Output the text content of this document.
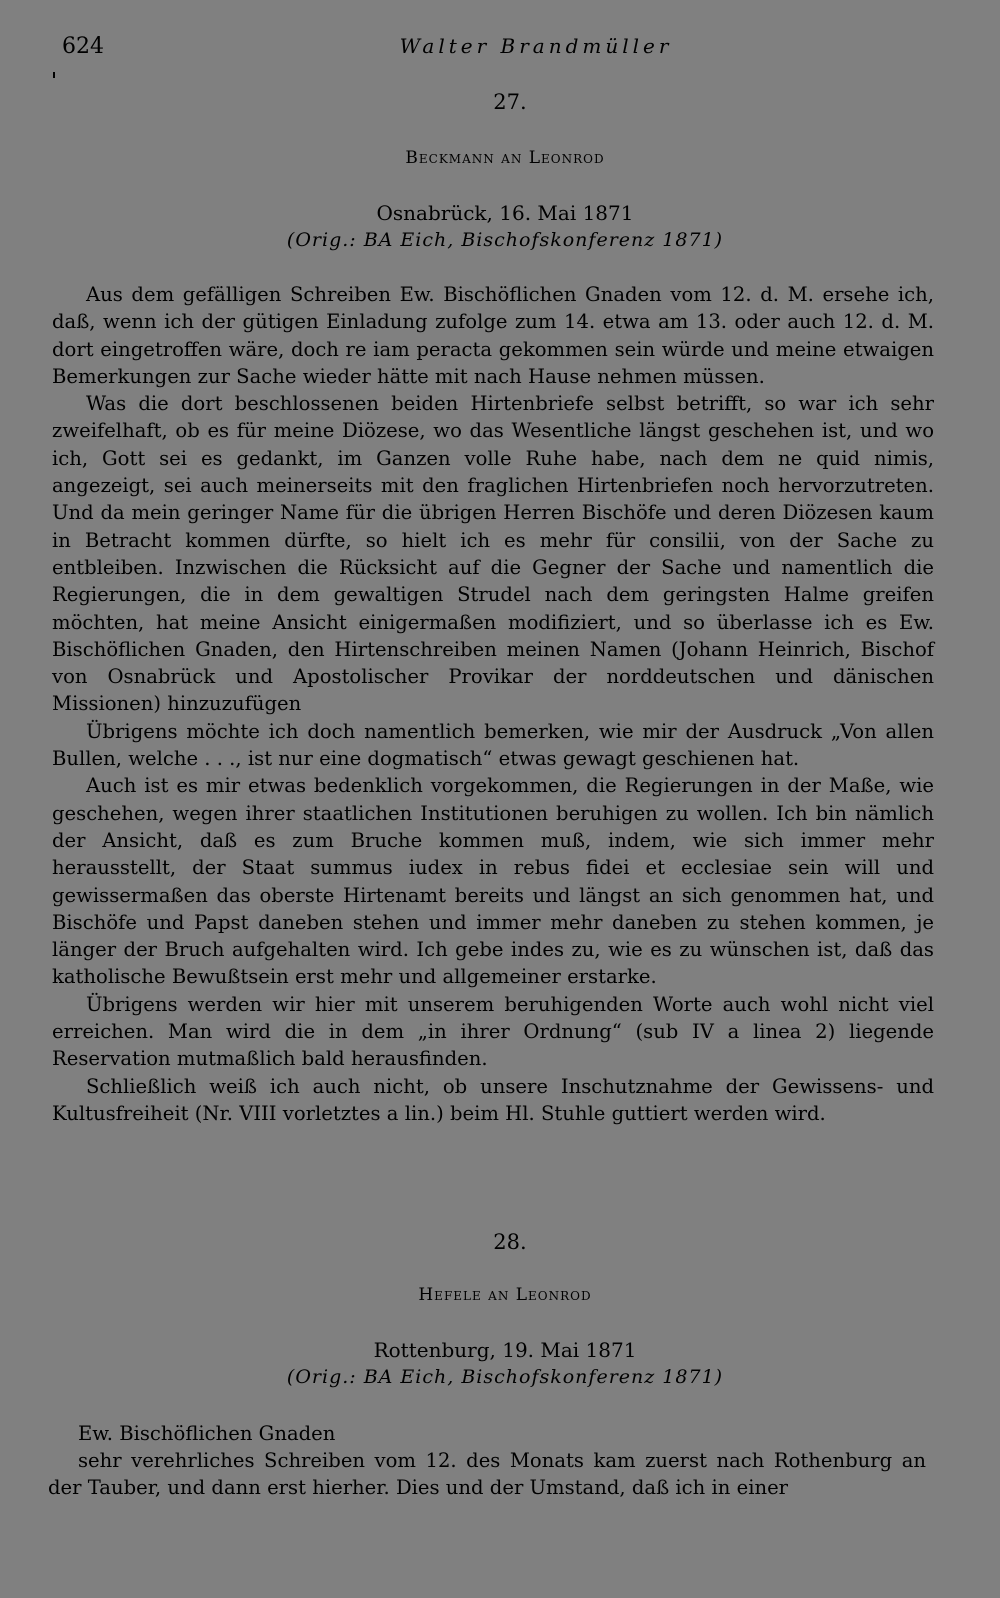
624	Walter Brandmüller
27.
Beckmann an Leonrod
Osnabrück, 16. Mai 1871
(Orig.: BA Eich, Bischofskonferenz 1871)

Aus dem gefälligen Schreiben Ew. Bischöflichen Gnaden vom 12. d. M. ersehe ich, daß, wenn ich der gütigen Einladung zufolge zum 14. etwa am 13. oder auch 12. d. M. dort eingetroffen wäre, doch re iam peracta gekommen sein würde und meine etwaigen Bemerkungen zur Sache wieder hätte mit nach Hause nehmen müssen.

Was die dort beschlossenen beiden Hirtenbriefe selbst betrifft, so war ich sehr zweifelhaft, ob es für meine Diözese, wo das Wesentliche längst geschehen ist, und wo ich, Gott sei es gedankt, im Ganzen volle Ruhe habe, nach dem ne quid nimis, angezeigt, sei auch meinerseits mit den fraglichen Hirtenbriefen noch hervorzutreten. Und da mein geringer Name für die übrigen Herren Bischöfe und deren Diözesen kaum in Betracht kommen dürfte, so hielt ich es mehr für consilii, von der Sache zu entbleiben. Inzwischen die Rücksicht auf die Gegner der Sache und namentlich die Regierungen, die in dem gewaltigen Strudel nach dem geringsten Halme greifen möchten, hat meine Ansicht einigermaßen modifiziert, und so überlasse ich es Ew. Bischöflichen Gnaden, den Hirtenschreiben meinen Namen (Johann Heinrich, Bischof von Osnabrück und Apostolischer Provikar der norddeutschen und dänischen Missionen) hinzuzufügen

Übrigens möchte ich doch namentlich bemerken, wie mir der Ausdruck „Von allen Bullen, welche . . ., ist nur eine dogmatisch“ etwas gewagt geschienen hat.

Auch ist es mir etwas bedenklich vorgekommen, die Regierungen in der Maße, wie geschehen, wegen ihrer staatlichen Institutionen beruhigen zu wollen. Ich bin nämlich der Ansicht, daß es zum Bruche kommen muß, indem, wie sich immer mehr herausstellt, der Staat summus iudex in rebus fidei et ecclesiae sein will und gewissermaßen das oberste Hirtenamt bereits und längst an sich genommen hat, und Bischöfe und Papst daneben stehen und immer mehr daneben zu stehen kommen, je länger der Bruch aufgehalten wird. Ich gebe indes zu, wie es zu wünschen ist, daß das katholische Bewußtsein erst mehr und allgemeiner erstarke.

Übrigens werden wir hier mit unserem beruhigenden Worte auch wohl nicht viel erreichen. Man wird die in dem „in ihrer Ordnung“ (sub IV a linea 2) liegende Reservation mutmaßlich bald herausfinden.

Schließlich weiß ich auch nicht, ob unsere Inschutznahme der Gewissens- und Kultusfreiheit (Nr. VIII vorletztes a lin.) beim Hl. Stuhle guttiert werden wird.

28.
Hefele an Leonrod
Rottenburg, 19. Mai 1871
(Orig.: BA Eich, Bischofskonferenz 1871)
Ew. Bischöflichen Gnaden

sehr verehrliches Schreiben vom 12. des Monats kam zuerst nach Rothenburg an der Tauber, und dann erst hierher. Dies und der Umstand, daß ich in einer
